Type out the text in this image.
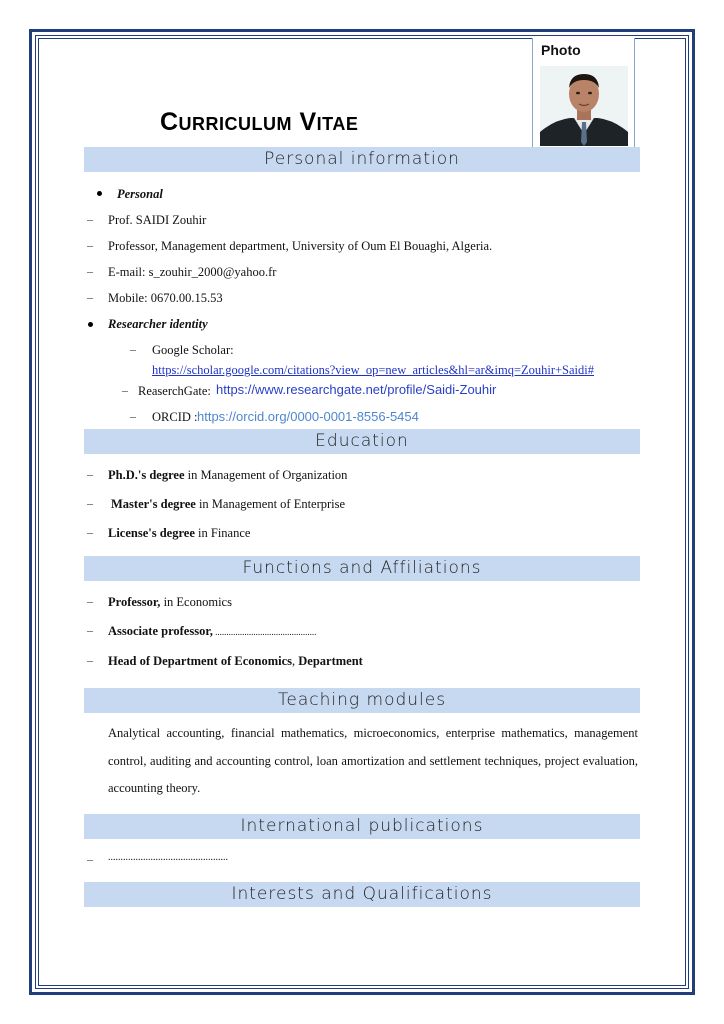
Photo
Curriculum Vitae
Personal information
Personal
– Prof. SAIDI Zouhir
– Professor, Management department, University of Oum El Bouaghi, Algeria.
– E-mail: s_zouhir_2000@yahoo.fr
– Mobile: 0670.00.15.53
Researcher identity
– Google Scholar:
https://scholar.google.com/citations?view_op=new_articles&hl=ar&imq=Zouhir+Saidi#
– ReaserchGate: https://www.researchgate.net/profile/Saidi-Zouhir
– ORCID : https://orcid.org/0000-0001-8556-5454
Education
– Ph.D.'s degree in Management of Organization
– Master's degree in Management of Enterprise
– License's degree in Finance
Functions and Affiliations
– Professor, in Economics
– Associate professor, .............................................
– Head of Department of Economics, Department
Teaching modules
Analytical accounting, financial mathematics, microeconomics, enterprise mathematics, management control, auditing and accounting control, loan amortization and settlement techniques, project evaluation, accounting theory.
International publications
– ................................................
Interests and Qualifications
